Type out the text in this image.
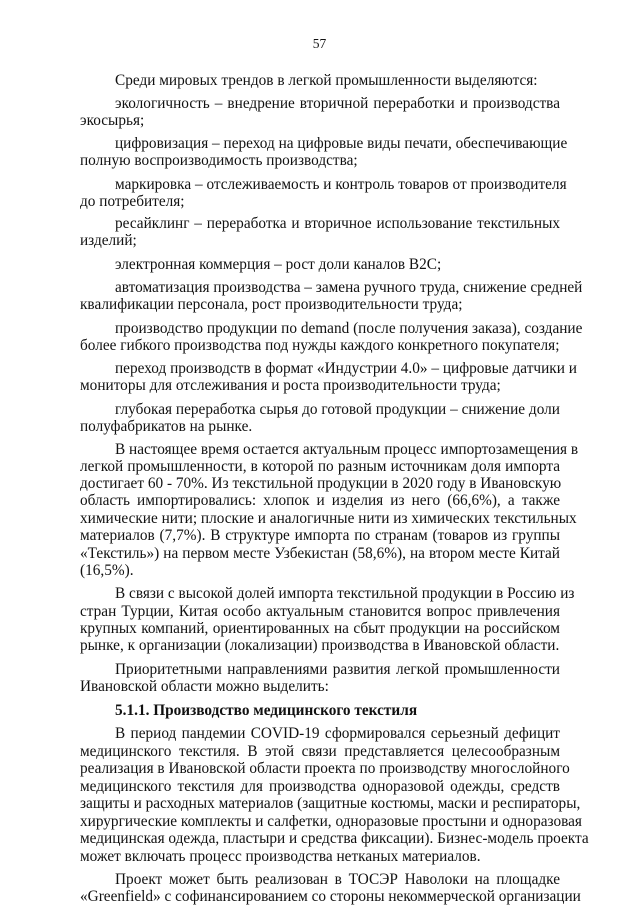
57
Среди мировых трендов в легкой промышленности выделяются:
экологичность – внедрение вторичной переработки и производства
экосырья;
цифровизация – переход на цифровые виды печати, обеспечивающие
полную воспроизводимость производства;
маркировка – отслеживаемость и контроль товаров от производителя
до потребителя;
ресайклинг – переработка и вторичное использование текстильных
изделий;
электронная коммерция – рост доли каналов B2C;
автоматизация производства – замена ручного труда, снижение средней
квалификации персонала, рост производительности труда;
производство продукции по demand (после получения заказа), создание
более гибкого производства под нужды каждого конкретного покупателя;
переход производств в формат «Индустрии 4.0» – цифровые датчики и
мониторы для отслеживания и роста производительности труда;
глубокая переработка сырья до готовой продукции – снижение доли
полуфабрикатов на рынке.
В настоящее время остается актуальным процесс импортозамещения в
легкой промышленности, в которой по разным источникам доля импорта
достигает 60 - 70%. Из текстильной продукции в 2020 году в Ивановскую
область импортировались: хлопок и изделия из него (66,6%), а также
химические нити; плоские и аналогичные нити из химических текстильных
материалов (7,7%). В структуре импорта по странам (товаров из группы
«Текстиль») на первом месте Узбекистан (58,6%), на втором месте Китай
(16,5%).
В связи с высокой долей импорта текстильной продукции в Россию из
стран Турции, Китая особо актуальным становится вопрос привлечения
крупных компаний, ориентированных на сбыт продукции на российском
рынке, к организации (локализации) производства в Ивановской области.
Приоритетными направлениями развития легкой промышленности
Ивановской области можно выделить:
5.1.1. Производство медицинского текстиля
В период пандемии COVID-19 сформировался серьезный дефицит
медицинского текстиля. В этой связи представляется целесообразным
реализация в Ивановской области проекта по производству многослойного
медицинского текстиля для производства одноразовой одежды, средств
защиты и расходных материалов (защитные костюмы, маски и респираторы,
хирургические комплекты и салфетки, одноразовые простыни и одноразовая
медицинская одежда, пластыри и средства фиксации). Бизнес-модель проекта
может включать процесс производства нетканых материалов.
Проект может быть реализован в ТОСЭР Наволоки на площадке
«Greenfield» с софинансированием со стороны некоммерческой организации
